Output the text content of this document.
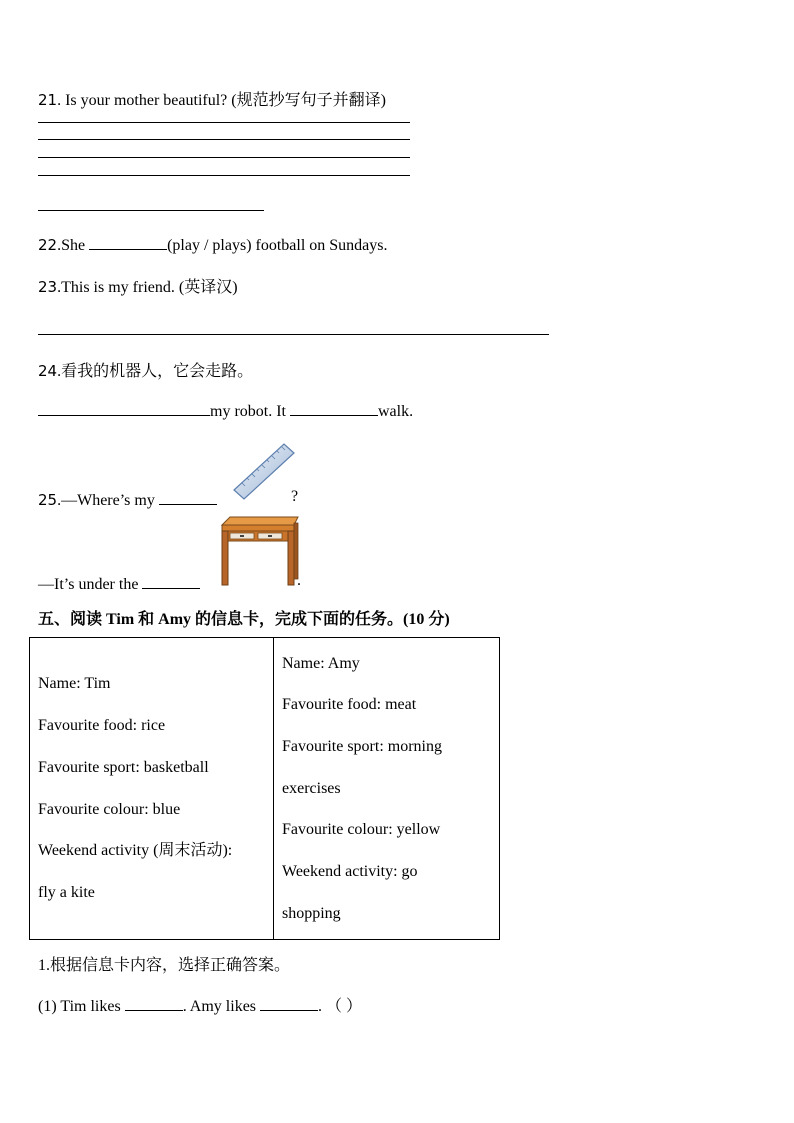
21. Is your mother beautiful? (规范抄写句子并翻译)
22.She	(play / plays) football on Sundays.
23.This is my friend. (英译汉)
24.看我的机器人，它会走路。
my robot. It	walk.
25.—Where’s my	?
—It’s under the	.
五、阅读 Tim 和 Amy 的信息卡，完成下面的任务。(10 分)
Name: Tim
Favourite food: rice
Favourite sport: basketball
Favourite colour: blue
Weekend activity (周末活动):
fly a kite

Name: Amy
Favourite food: meat
Favourite sport: morning
exercises
Favourite colour: yellow
Weekend activity: go
shopping
1.根据信息卡内容，选择正确答案。
(1) Tim likes	. Amy likes	. （ ）
